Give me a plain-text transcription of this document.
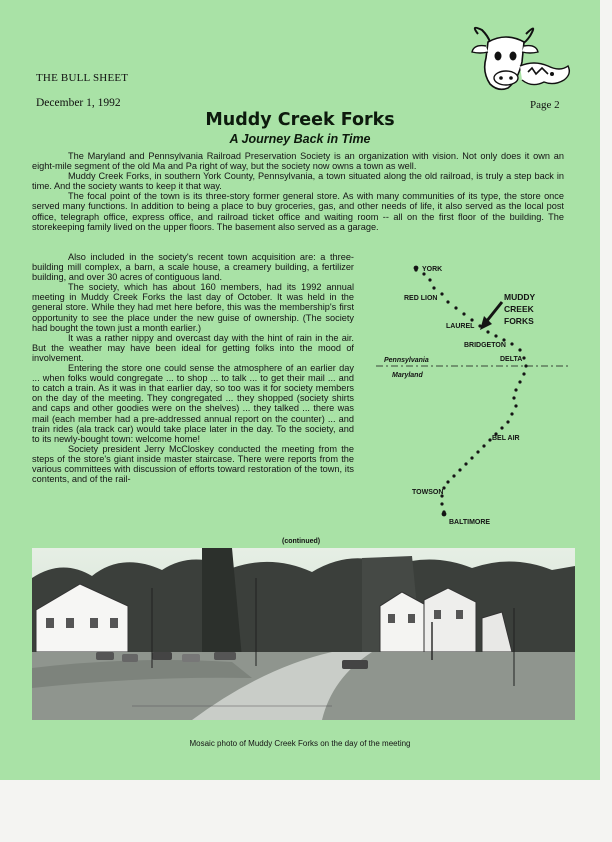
THE BULL SHEET
December 1, 1992	Page 2
Muddy Creek Forks
A Journey Back in Time

The Maryland and Pennsylvania Railroad Preservation Society is an organization with vision. Not only does it own an eight-mile segment of the old Ma and Pa right of way, but the society now owns a town as well.

Muddy Creek Forks, in southern York County, Pennsylvania, a town situated along the old railroad, is truly a step back in time. And the society wants to keep it that way.

The focal point of the town is its three-story former general store. As with many communities of its type, the store once served many functions. In addition to being a place to buy groceries, gas, and other needs of life, it also served as the local post office, telegraph office, express office, and railroad ticket office and waiting room -- all on the first floor of the building. The storekeeping family lived on the upper floors. The basement also served as a garage.

Also included in the society's recent town acquisition are: a three-building mill complex, a barn, a scale house, a creamery building, a fertilizer building, and over 30 acres of contiguous land.

The society, which has about 160 members, had its 1992 annual meeting in Muddy Creek Forks the last day of October. It was held in the general store. While they had met here before, this was the membership's first opportunity to see the place under the new guise of ownership. (The society had bought the town just a month earlier.)

It was a rather nippy and overcast day with the hint of rain in the air. But the weather may have been ideal for getting folks into the mood of involvement.

Entering the store one could sense the atmosphere of an earlier day ... when folks would congregate ... to shop ... to talk ... to get their mail ... and to catch a train. As it was in that earlier day, so too was it for society members on the day of the meeting. They congregated ... they shopped (society shirts and caps and other goodies were on the shelves) ... they talked ... there was mail (each member had a pre-addressed annual report on the counter) ... and train rides (ala track car) would take place later in the day. To the society, and to its newly-bought town: welcome home!

Society president Jerry McCloskey conducted the meeting from the steps of the store's giant inside master staircase. There were reports from the various committees with discussion of efforts toward restoration of the town, its contents, and of the rail-

(continued)
YORK
RED LION
LAUREL
BRIDGETON
DELTA
BEL AIR
TOWSON
BALTIMORE
MUDDY
CREEK
FORKS
Pennsylvania
Maryland
Mosaic photo of Muddy Creek Forks on the day of the meeting
